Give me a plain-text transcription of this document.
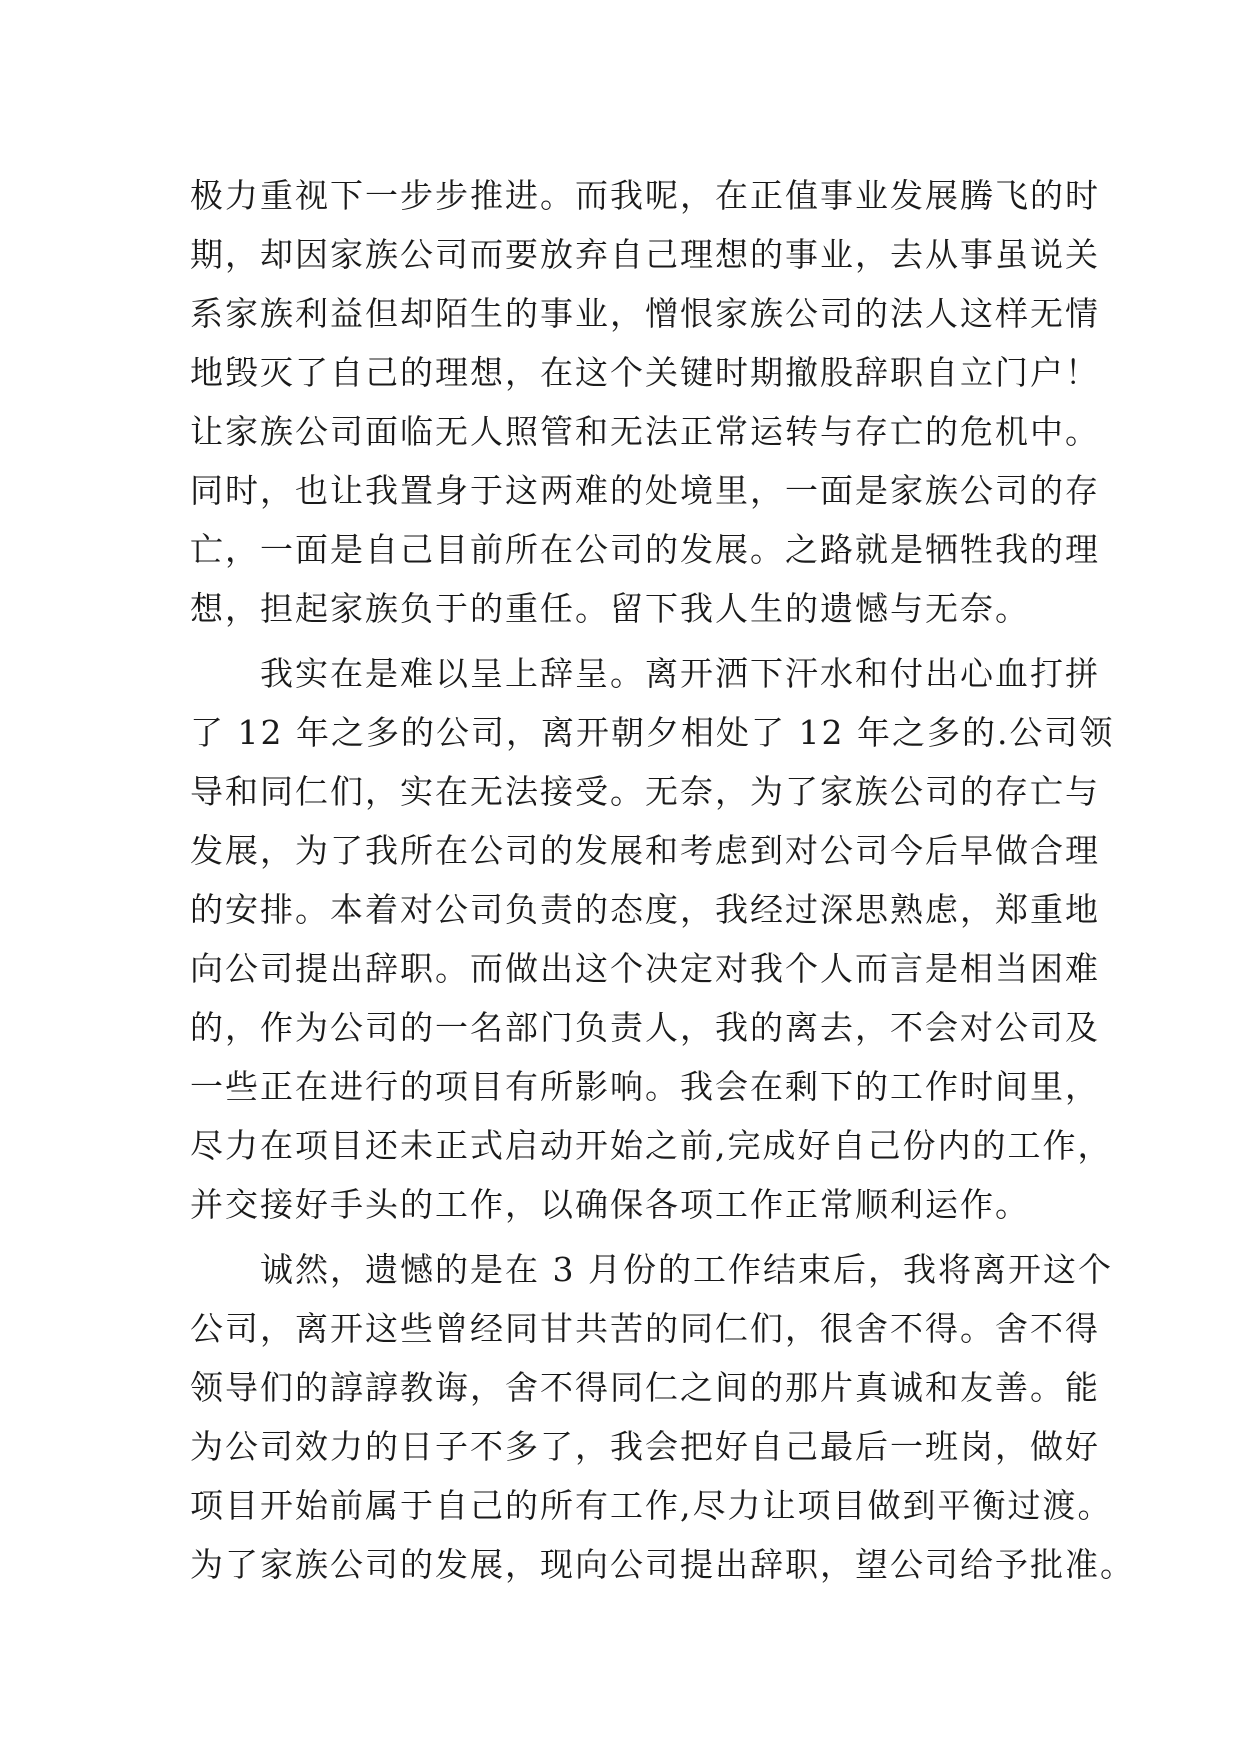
极力重视下一步步推进。而我呢，在正值事业发展腾飞的时
期，却因家族公司而要放弃自己理想的事业，去从事虽说关
系家族利益但却陌生的事业，憎恨家族公司的法人这样无情
地毁灭了自己的理想，在这个关键时期撤股辞职自立门户！
让家族公司面临无人照管和无法正常运转与存亡的危机中。
同时，也让我置身于这两难的处境里，一面是家族公司的存
亡，一面是自己目前所在公司的发展。之路就是牺牲我的理
想，担起家族负于的重任。留下我人生的遗憾与无奈。
　　我实在是难以呈上辞呈。离开洒下汗水和付出心血打拼
了 12 年之多的公司，离开朝夕相处了 12 年之多的.公司领
导和同仁们，实在无法接受。无奈，为了家族公司的存亡与
发展，为了我所在公司的发展和考虑到对公司今后早做合理
的安排。本着对公司负责的态度，我经过深思熟虑，郑重地
向公司提出辞职。而做出这个决定对我个人而言是相当困难
的，作为公司的一名部门负责人，我的离去，不会对公司及
一些正在进行的项目有所影响。我会在剩下的工作时间里，
尽力在项目还未正式启动开始之前,完成好自己份内的工作，
并交接好手头的工作，以确保各项工作正常顺利运作。
　　诚然，遗憾的是在 3 月份的工作结束后，我将离开这个
公司，离开这些曾经同甘共苦的同仁们，很舍不得。舍不得
领导们的諄諄教诲，舍不得同仁之间的那片真诚和友善。能
为公司效力的日子不多了，我会把好自己最后一班岗，做好
项目开始前属于自己的所有工作,尽力让项目做到平衡过渡。
为了家族公司的发展，现向公司提出辞职，望公司给予批准。
